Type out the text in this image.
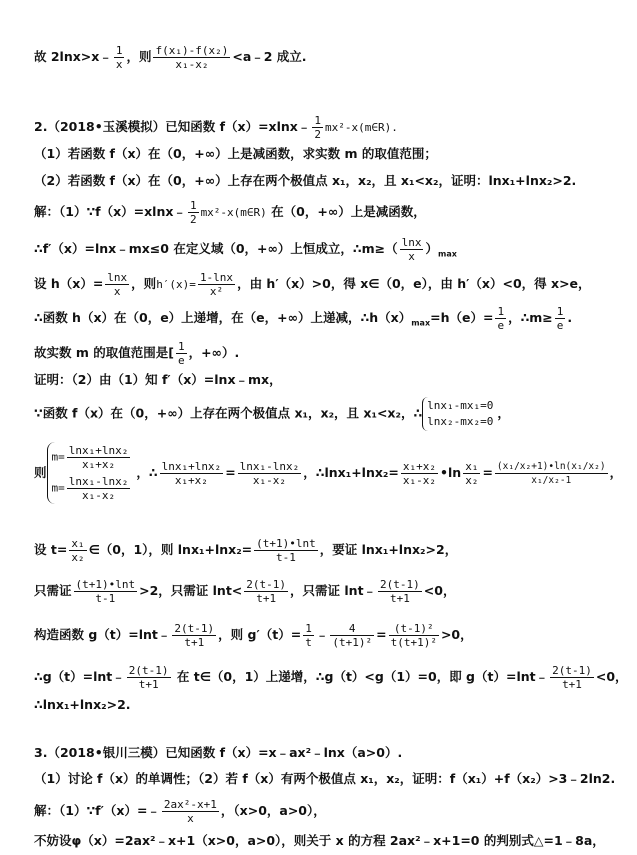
故 2lnx>x﹣ $\frac{1}{x}$ ，则 $\frac{\text{f(x₁)-f(x₂)}}{\text{x₁-x₂}}$ <a﹣2 成立.
2.（2018•玉溪模拟）已知函数 f（x）=xlnx﹣ $\frac{1}{2}$ mx²-x(m∈R).
（1）若函数 f（x）在（0，+∞）上是减函数，求实数 m 的取值范围；
（2）若函数 f（x）在（0，+∞）上存在两个极值点 x₁，x₂，且 x₁<x₂，证明：lnx₁+lnx₂>2.
解：（1）∵f（x）=xlnx﹣ $\frac{1}{2}$ mx²-x(m∈R) 在（0，+∞）上是减函数，
∴f′（x）=lnx﹣mx≤0 在定义域（0，+∞）上恒成立，∴m≥（ $\frac{\ln x}{x} )_{max}$
设 $h(x)= \frac{\ln x}{x}$ ，则$h'(x)= \frac{1-\ln x}{\text{x²}}$ ，由 h′（x）>0，得 x∈（0，e），由 h′（x）<0，得 x>e，
∴函数 h（x）在（0，e）上递增，在（e，+∞）上递减，$\therefore h(x)_{max}=h(e)= \frac{1}{e}$ ，∴m≥ $\frac{1}{e}$ .
故实数 m 的取值范围是[ $\frac{1}{e}$ ，+∞）.
证明：（2）由（1）知 f′（x）=lnx﹣mx，
∵函数 f（x）在（0，+∞）上存在两个极值点 x₁，x₂，且 x₁<x₂，∴ lnx₁-mx₁=0
lnx₂-mx₂=0
，
则
$m= \frac{\text{lnx₁+lnx₂}}{\text{x₁+x₂}}$
$m= \frac{\text{lnx₁-lnx₂}}{\text{x₁-x₂}}$
，∴ $\frac{\text{lnx₁+lnx₂}}{\text{x₁+x₂}} = \frac{\text{lnx₁-lnx₂}}{\text{x₁-x₂}}$ ，∴lnx₁+lnx₂= $\frac{\text{x₁+x₂}}{\text{x₁-x₂}}$ •ln $\frac{\text{x₁}}{\text{x₂}} = \frac{\text{(x₁/x₂+1)•ln(x₁/x₂)}}{\text{x₁/x₂-1}}$ ，
设 $t= \frac{\text{x₁}}{\text{x₂}}$ ∈（0，1），则 $\ln x_1+\ln x_2= \frac{(t+1)•\ln t}{t-1}$ ，要证 lnx₁+lnx₂>2，
只需证 $\frac{(t+1)•\ln t}{t-1} >2$，只需证 $\ln t< \frac{2(t-1)}{t+1}$ ，只需证 lnt﹣ $\frac{2(t-1)}{t+1} <0$，
构造函数 g（t）=lnt﹣ $\frac{2(t-1)}{t+1}$ ，则 $g'(t)= \frac{1}{t}$ ﹣ $\frac{4}{\text{(t+1)²}} = \frac{\text{(t-1)²}}{\text{t(t+1)²}} >0$，
∴g（t）=lnt﹣ $\frac{2(t-1)}{t+1}$ 在 t∈（0，1）上递增，∴g（t）<g（1）=0，即 g（t）=lnt﹣ $\frac{2(t-1)}{t+1} <0$，
∴lnx₁+lnx₂>2.
3.（2018•银川三模）已知函数 f（x）=x﹣ax²﹣lnx（a>0）.
（1）讨论 f（x）的单调性；（2）若 f（x）有两个极值点 x₁，x₂，证明：f（x₁）+f（x₂）>3﹣2ln2.
解：（1）∵f′（x）=﹣ $\frac{\text{2ax²-x+1}}{x}$ ，（x>0，a>0），
不妨设φ（x）=2ax²﹣x+1（x>0，a>0），则关于 x 的方程 2ax²﹣x+1=0 的判别式△=1﹣8a，
